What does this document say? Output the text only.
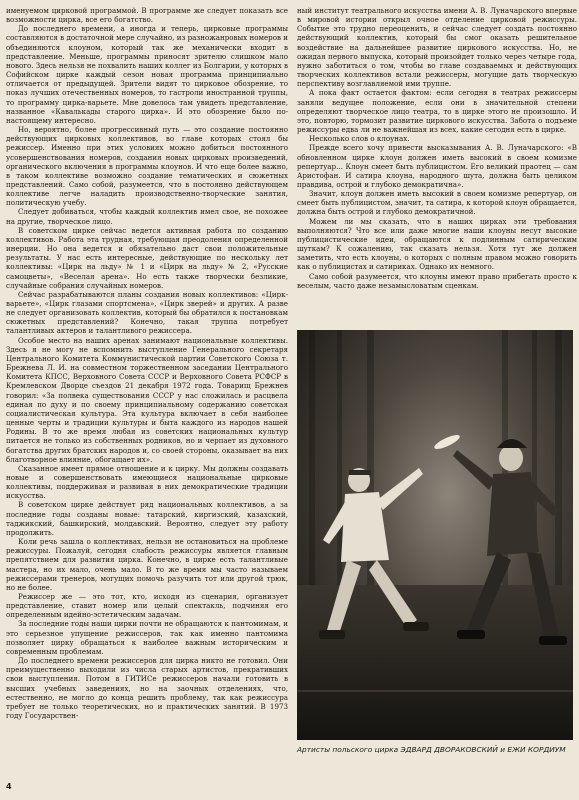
именуемом цирковой программой. В программе же следует показать все возможности цирка, все его богатство.

До последнего времени, а иногда и теперь, цирковые программы составляются в достаточной мере случайно, из разножанровых номеров и объединяются клоуном, который так же механически входит в представление. Меньше, программы приносят зрителю слишком мало нового. Здесь нельзя не похвалить наших коллег из Болгарии, у которых в Софийском цирке каждый сезон новая программа принципиально отличается от предыдущей. Зрители видят то цирковое обозрение, то показ лучших отечественных номеров, то гастроли иностранной труппы, то программу цирка-варьете. Мне довелось там увидеть представление, названное «Кавалькады старого цирка». И это обозрение было по-настоящему интересно.

Но, вероятно, более прогрессивный путь — это создание постоянно действующих цирковых коллективов, во главе которых стоял бы режиссер. Именно при этих условиях можно добиться постоянного усовершенствования номеров, создания новых цирковых произведений, органического включения в программы клоунов. И что еще более важно, в таком коллективе возможно создание тематических и сюжетных представлений. Само собой, разумеется, что в постоянно действующем коллективе легче наладить производственно-творческие занятия, политическую учебу.

Следует добиваться, чтобы каждый коллектив имел свое, не похожее на другие, творческое лицо.

В советском цирке сейчас ведется активная работа по созданию коллективов. Работа эта трудная, требующая преодоления определенной инерции. Но она ведется и обязательно даст свои положительные результаты. У нас есть интересные, действующие по нескольку лет коллективы: «Цирк на льду» № 1 и «Цирк на льду» № 2, «Русские самоцветы», «Веселая арена». Но есть также творчески безликие, случайные собрания случайных номеров.

Сейчас разрабатываются планы создания новых коллективов: «Цирк-варьете», «Цирк глазами спортсмена», «Цирк зверей» и других. А разве не следует организовать коллектив, который бы обратился к постановкам сюжетных представлений? Конечно, такая труппа потребует талантливых актеров и талантливого режиссера.

Особое место на наших аренах занимают национальные коллективы. Здесь я не могу не вспомнить выступление Генерального секретаря Центрального Комитета Коммунистической партии Советского Союза т. Брежнева Л. И. на совместном торжественном заседании Центрального Комитета КПСС, Верховного Совета СССР и Верховного Совета РСФСР в Кремлевском Дворце съездов 21 декабря 1972 года. Товарищ Брежнев говорил: «За полвека существования СССР у нас сложилась и расцвела единая по духу и по своему принципиальному содержанию советская социалистическая культура. Эта культура включает в себя наиболее ценные черты и традиции культуры и быта каждого из народов нашей Родины. В то же время любая из советских национальных культур питается не только из собственных родников, но и черпает из духовного богатства других братских народов и, со своей стороны, оказывает на них благотворное влияние, обогащает их».

Сказанное имеет прямое отношение и к цирку. Мы должны создавать новые и совершенствовать имеющиеся национальные цирковые коллективы, поддерживая и развивая в них демократические традиции искусства.

В советском цирке действует ряд национальных коллективов, а за последние годы созданы новые: татарский, киргизский, казахский, таджикский, башкирский, молдавский. Вероятно, следует эту работу продолжить.

Коли речь зашла о коллективах, нельзя не остановиться на проблеме режиссуры. Пожалуй, сегодня слабость режиссуры является главным препятствием для развития цирка. Конечно, в цирке есть талантливые мастера, но их мало, очень мало. В то же время мы часто называем режиссерами тренеров, могущих помочь разучить тот или другой трюк, но не более.

Режиссер же — это тот, кто, исходя из сценария, организует представление, ставит номер или целый спектакль, подчиняя его определенным идейно-эстетическим задачам.

За последние годы наши цирки почти не обращаются к пантомимам, и это серьезное упущение режиссеров, так как именно пантомима позволяет цирку обращаться к наиболее важным историческим и современным проблемам.

До последнего времени режиссеров для цирка никто не готовил. Они преимущественно выходили из числа старых артистов, прекративших свои выступления. Потом в ГИТИСе режиссеров начали готовить в высших учебных заведениях, но на заочных отделениях, что, естественно, не могло до конца решить проблему, так как режиссура требует не только теоретических, но и практических занятий. В 1973 году Государствен-

ный институт театрального искусства имени А. В. Луначарского впервые в мировой истории открыл очное отделение цирковой режиссуры. Событие это трудно переоценить, и сейчас следует создать постоянно действующий коллектив, который бы смог оказать решительное воздействие на дальнейшее развитие циркового искусства. Но, не ожидая первого выпуска, который произойдет только через четыре года, нужно заботиться о том, чтобы во главе создаваемых и действующих творческих коллективов встали режиссеры, могущие дать творческую перспективу возглавляемой ими труппе.

А пока факт остается фактом: если сегодня в театрах режиссеры заняли ведущее положение, если они в значительной степени определяют творческое лицо театра, то в цирке этого не произошло. И это, повторю, тормозит развитие циркового искусства. Забота о подъеме режиссуры едва ли не важнейшая из всех, какие сегодня есть в цирке.

Несколько слов о клоунах.

Прежде всего хочу привести высказывания А. В. Луначарского: «В обновленном цирке клоун должен иметь высокий в своем комизме репертуар... Клоун смеет быть публицистом. Его великий праотец — сам Аристофан. И сатира клоуна, народного шута, должна быть целиком правдива, острой и глубоко демократична».

Значит, клоун должен иметь высокий в своем комизме репертуар, он смеет быть публицистом, значит, та сатира, к которой клоун обращается, должна быть острой и глубоко демократичной.

Можем ли мы сказать, что в наших цирках эти требования выполняются? Что все или даже многие наши клоуны несут высокие публицистические идеи, обращаются к подлинным сатирическим шуткам? К сожалению, так сказать нельзя. Хотя тут же должен заметить, что есть клоуны, о которых с полным правом можно говорить как о публицистах и сатириках. Однако их немного.

Само собой разумеется, что клоуны имеют право прибегать просто к веселым, часто даже незамысловатым сценкам.

Артисты польского цирка ЭДВАРД ДВОРАКОВСКИЙ и ЕЖИ КОРДИУМ
4
